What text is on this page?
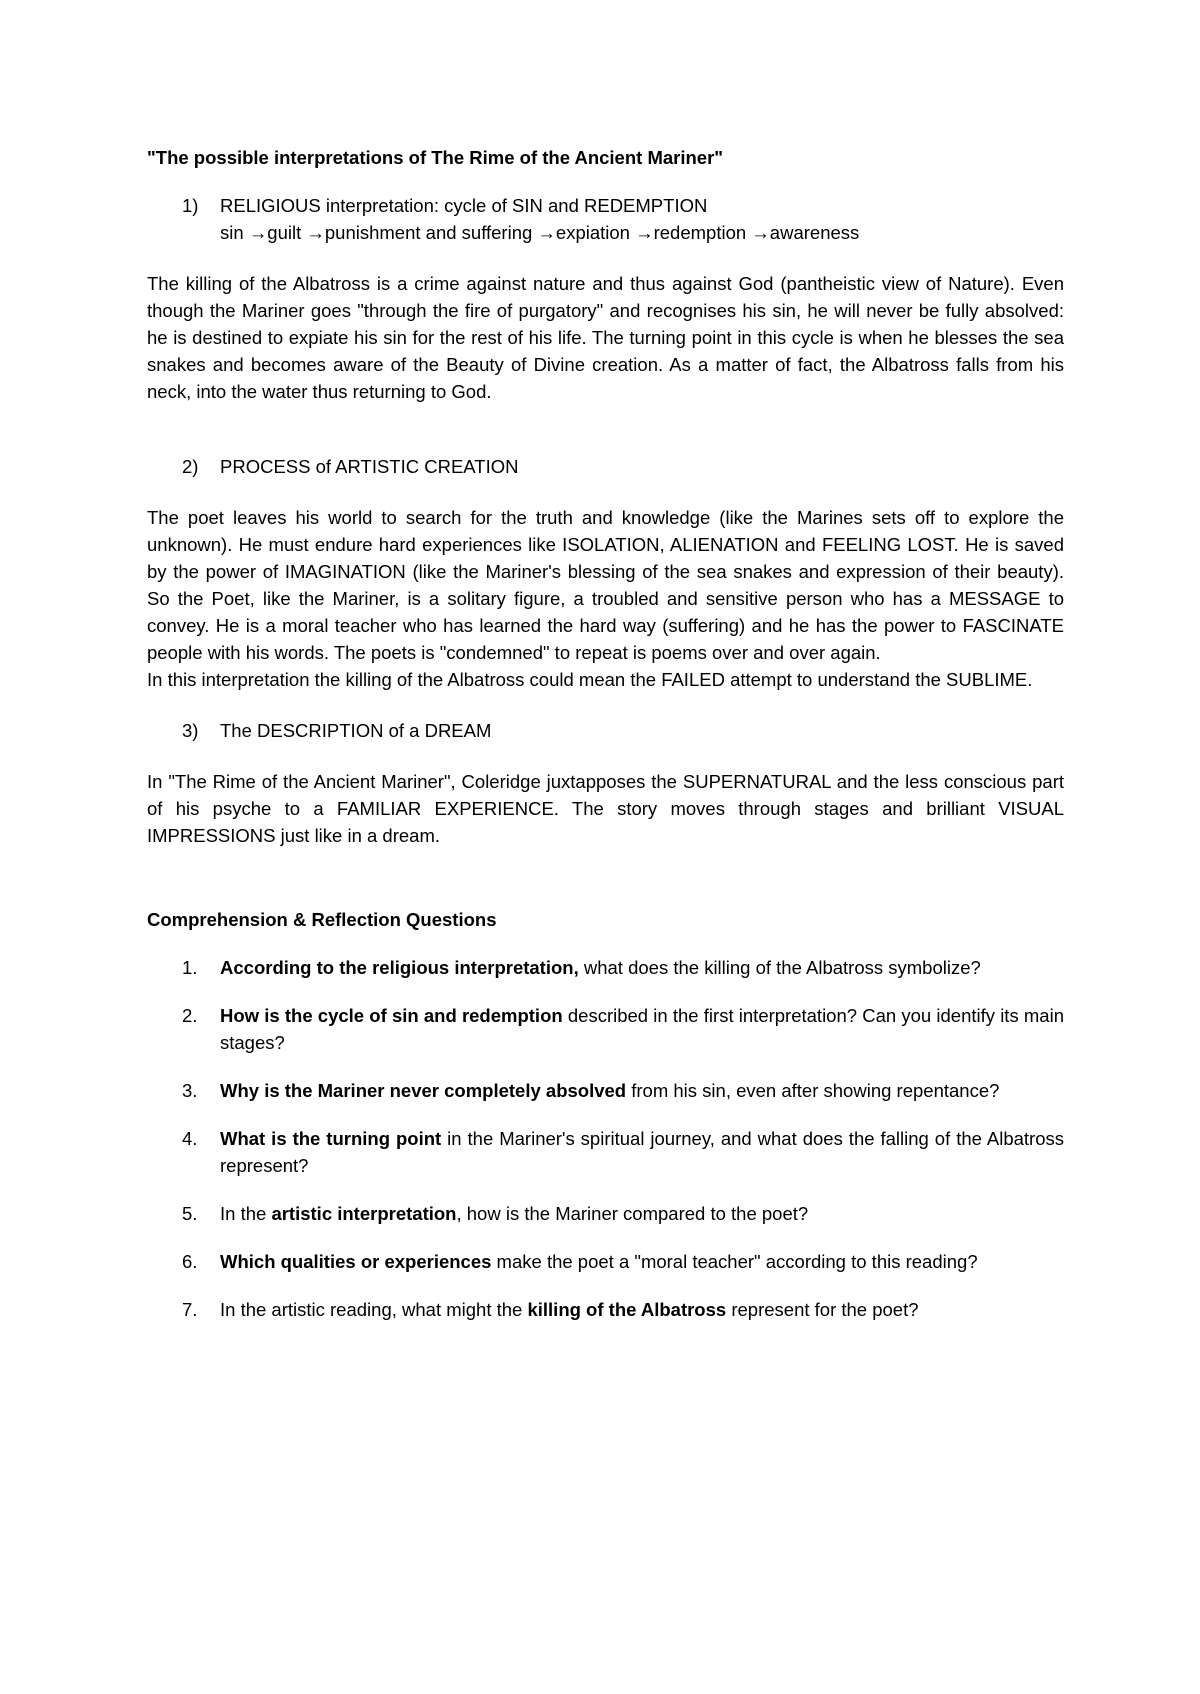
"The possible interpretations of The Rime of the Ancient Mariner"

1)	RELIGIOUS interpretation: cycle of SIN and REDEMPTION
sin →guilt →punishment and suffering →expiation →redemption →awareness

The killing of the Albatross is a crime against nature and thus against God (pantheistic view of Nature). Even though the Mariner goes "through the fire of purgatory" and recognises his sin, he will never be fully absolved: he is destined to expiate his sin for the rest of his life. The turning point in this cycle is when he blesses the sea snakes and becomes aware of the Beauty of Divine creation. As a matter of fact, the Albatross falls from his neck, into the water thus returning to God.

2)	PROCESS of ARTISTIC CREATION

The poet leaves his world to search for the truth and knowledge (like the Marines sets off to explore the unknown). He must endure hard experiences like ISOLATION, ALIENATION and FEELING LOST. He is saved by the power of IMAGINATION (like the Mariner's blessing of the sea snakes and expression of their beauty). So the Poet, like the Mariner, is a solitary figure, a troubled and sensitive person who has a MESSAGE to convey. He is a moral teacher who has learned the hard way (suffering) and he has the power to FASCINATE people with his words. The poets is "condemned" to repeat is poems over and over again.

In this interpretation the killing of the Albatross could mean the FAILED attempt to understand the SUBLIME.

3)	The DESCRIPTION of a DREAM

In "The Rime of the Ancient Mariner", Coleridge juxtapposes the SUPERNATURAL and the less conscious part of his psyche to a FAMILIAR EXPERIENCE. The story moves through stages and brilliant VISUAL IMPRESSIONS just like in a dream.

Comprehension & Reflection Questions

1.	According to the religious interpretation, what does the killing of the Albatross symbolize?
2.	How is the cycle of sin and redemption described in the first interpretation? Can you identify its main stages?
3.	Why is the Mariner never completely absolved from his sin, even after showing repentance?
4.	What is the turning point in the Mariner's spiritual journey, and what does the falling of the Albatross represent?
5.	In the artistic interpretation, how is the Mariner compared to the poet?
6.	Which qualities or experiences make the poet a "moral teacher" according to this reading?
7.	In the artistic reading, what might the killing of the Albatross represent for the poet?
